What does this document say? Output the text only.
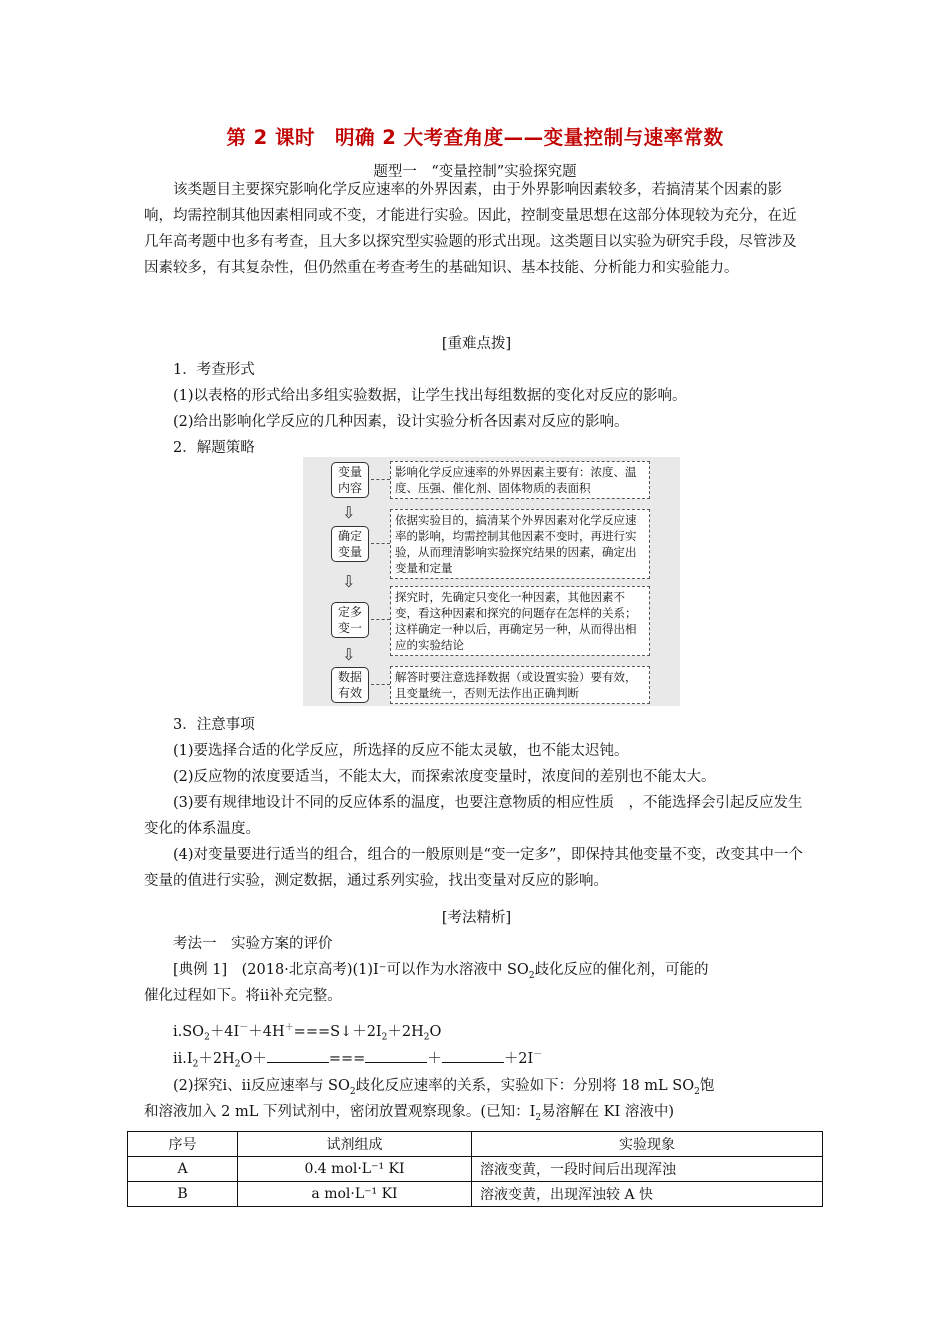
第 2 课时　明确 2 大考查角度——变量控制与速率常数
题型一　“变量控制”实验探究题
该类题目主要探究影响化学反应速率的外界因素，由于外界影响因素较多，若搞清某个因素的影响，均需控制其他因素相同或不变，才能进行实验。因此，控制变量思想在这部分体现较为充分，在近几年高考题中也多有考查，且大多以探究型实验题的形式出现。这类题目以实验为研究手段，尽管涉及因素较多，有其复杂性，但仍然重在考查考生的基础知识、基本技能、分析能力和实验能力。
[重难点拨]
1．考查形式
(1)以表格的形式给出多组实验数据，让学生找出每组数据的变化对反应的影响。
(2)给出影响化学反应的几种因素，设计实验分析各因素对反应的影响。
2．解题策略
变量内容
影响化学反应速率的外界因素主要有：浓度、温度、压强、催化剂、固体物质的表面积
⇩
确定变量
依据实验目的，搞清某个外界因素对化学反应速率的影响，均需控制其他因素不变时，再进行实验，从而理清影响实验探究结果的因素，确定出变量和定量
⇩
定多变一
探究时，先确定只变化一种因素，其他因素不变，看这种因素和探究的问题存在怎样的关系；这样确定一种以后，再确定另一种，从而得出相应的实验结论
⇩
数据有效
解答时要注意选择数据（或设置实验）要有效，且变量统一，否则无法作出正确判断
3．注意事项
(1)要选择合适的化学反应，所选择的反应不能太灵敏，也不能太迟钝。
(2)反应物的浓度要适当，不能太大，而探索浓度变量时，浓度间的差别也不能太大。
(3)要有规律地设计不同的反应体系的温度，也要注意物质的相应性质　，不能选择会引起反应发生变化的体系温度。
(4)对变量要进行适当的组合，组合的一般原则是“变一定多”，即保持其他变量不变，改变其中一个变量的值进行实验，测定数据，通过系列实验，找出变量对反应的影响。
[考法精析]
考法一　实验方案的评价
[典例 1]　(2018·北京高考)(1)I⁻可以作为水溶液中 $SO_2$歧化反应的催化剂，可能的
催化过程如下。将ⅱ补充完整。
$ⅰ.SO_2+4I^-+4H^+===S↓+2I_2+2H_2O$
$ⅱ.I_2+2H_2O+$	===	＋	＋2I－
(2)探究ⅰ、ⅱ反应速率与 $SO_2$歧化反应速率的关系，实验如下：分别将 18 mL $SO_2$饱
和溶液加入 2 mL 下列试剂中，密闭放置观察现象。(已知：$I_2$易溶解在 KI 溶液中)
序号	试剂组成	实验现象
A	0.4 mol·L⁻¹ KI	溶液变黄，一段时间后出现浑浊
B	a mol·L⁻¹ KI	溶液变黄，出现浑浊较 A 快
